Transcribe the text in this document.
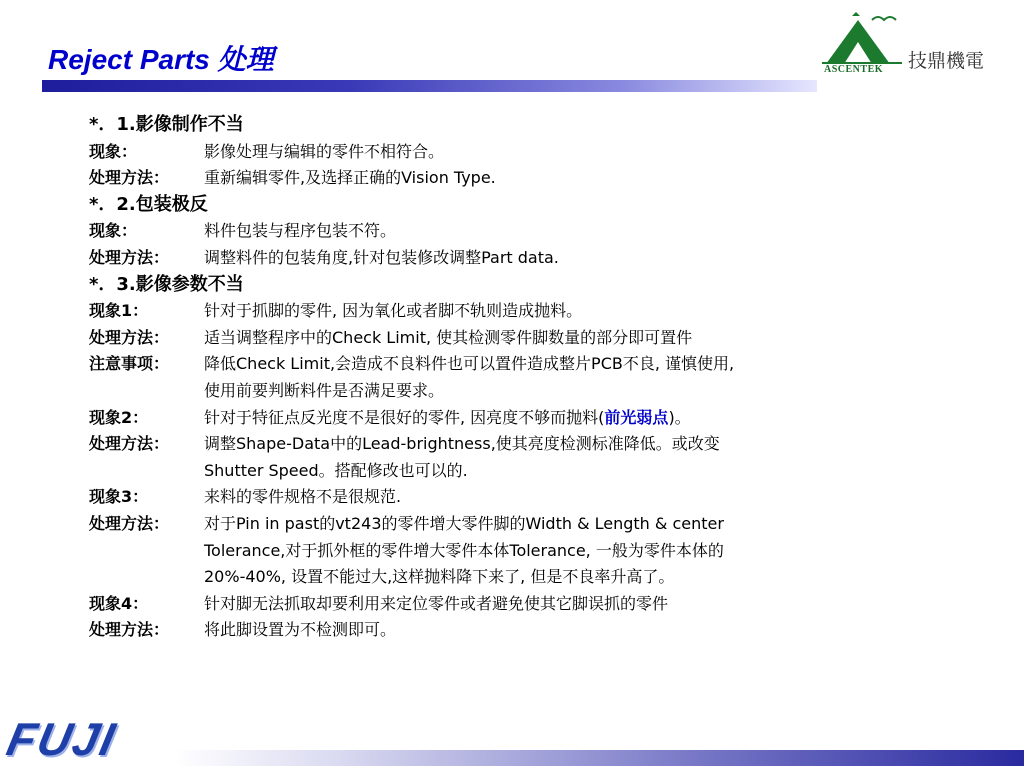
Reject Parts 处理	技鼎機電
ASCENTEK
*．1.影像制作不当
现象：	影像处理与编辑的零件不相符合。
处理方法： 重新编辑零件,及选择正确的Vision Type.
*．2.包装极反
现象：	料件包装与程序包装不符。
处理方法： 调整料件的包装角度,针对包装修改调整Part data.
*．3.影像参数不当
现象1：	针对于抓脚的零件, 因为氧化或者脚不轨则造成抛料。
处理方法： 适当调整程序中的Check Limit, 使其检测零件脚数量的部分即可置件
注意事项： 降低Check Limit,会造成不良料件也可以置件造成整片PCB不良, 谨慎使用,
使用前要判断料件是否满足要求。
现象2：	针对于特征点反光度不是很好的零件, 因亮度不够而抛料(前光弱点)。
处理方法： 调整Shape-Data中的Lead-brightness,使其亮度检测标准降低。或改变
Shutter Speed。搭配修改也可以的.
现象3：	来料的零件规格不是很规范.
处理方法： 对于Pin in past的vt243的零件增大零件脚的Width & Length & center
Tolerance,对于抓外框的零件增大零件本体Tolerance, 一般为零件本体的
20%-40%, 设置不能过大,这样抛料降下来了, 但是不良率升高了。
现象4：	针对脚无法抓取却要利用来定位零件或者避免使其它脚误抓的零件
处理方法： 将此脚设置为不检测即可。
FUJI
